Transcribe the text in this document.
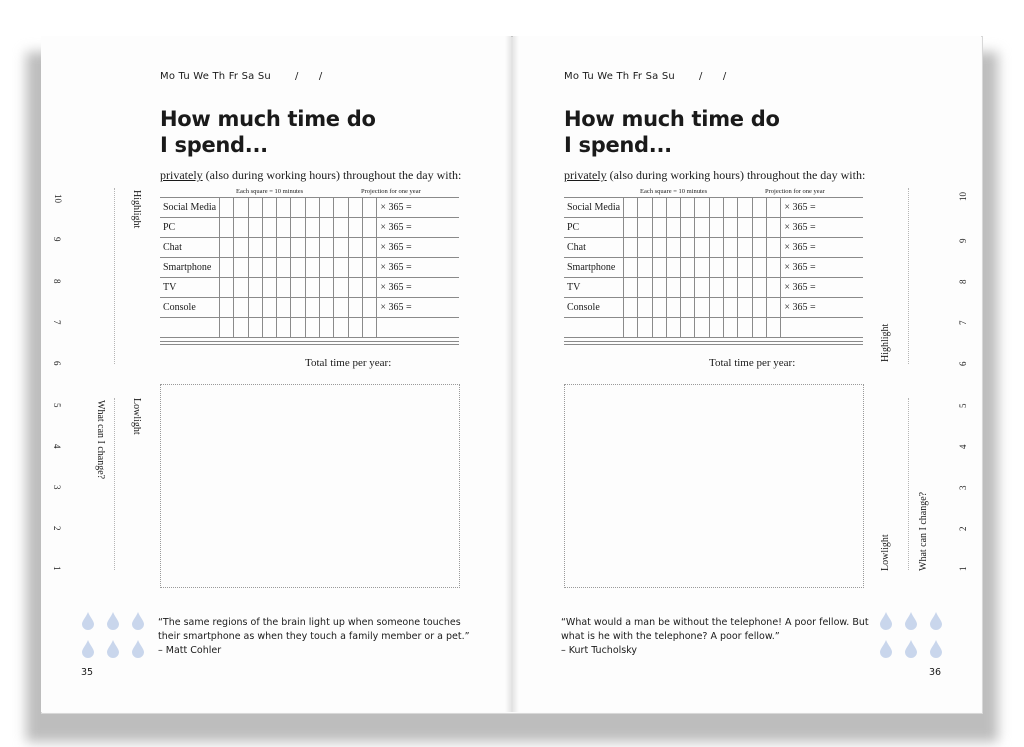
Mo Tu We Th Fr Sa Su /      /
How much time do
I spend...
privately (also during working hours) throughout the day with:
Each square = 10 minutes	Projection for one year
Social Media												× 365 =
PC												× 365 =
Chat												× 365 =
Smartphone												× 365 =
TV												× 365 =
Console												× 365 =

Total time per year:
Highlight
Lowlight
What can I change?
10
9
8
7
6
5
4
3
2
1
“The same regions of the brain light up when someone touches
their smartphone as when they touch a family member or a pet.”
– Matt Cohler
35
Mo Tu We Th Fr Sa Su /      /
How much time do
I spend...
privately (also during working hours) throughout the day with:
Each square = 10 minutes	Projection for one year
Social Media												× 365 =
PC												× 365 =
Chat												× 365 =
Smartphone												× 365 =
TV												× 365 =
Console												× 365 =

Total time per year:
Highlight
Lowlight	What can I change?
10
9
8
7
6
5
4
3
2
1
“What would a man be without the telephone! A poor fellow. But
what is he with the telephone? A poor fellow.”
– Kurt Tucholsky
36
